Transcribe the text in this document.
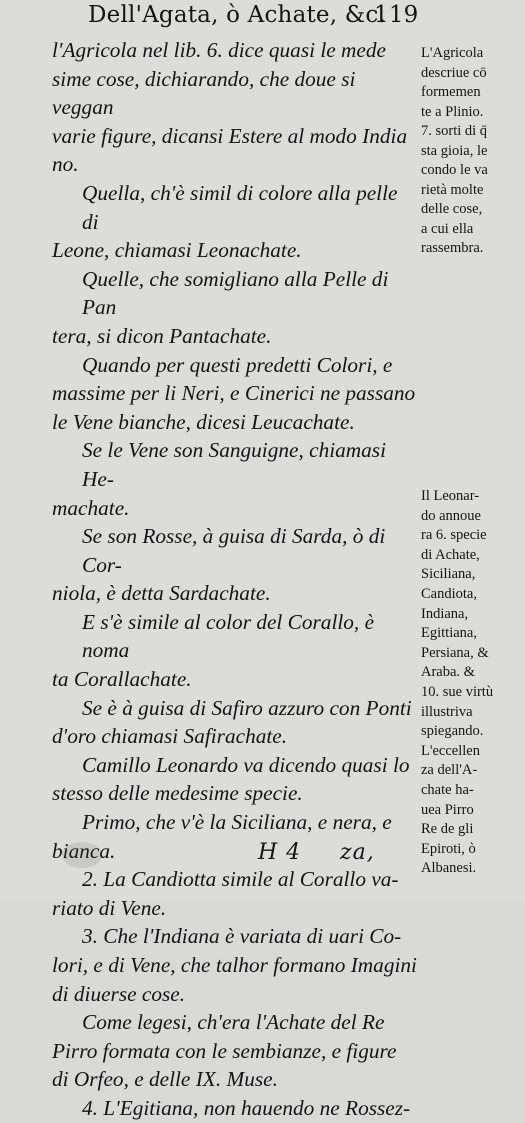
Dell'Agata, ò Achate, &c.
119

l'Agricola nel lib. 6. dice quasi le mede

sime cose, dichiarando, che doue si veggan

varie figure, dicansi Estere al modo India

no.

Quella, ch'è simil di colore alla pelle di

Leone, chiamasi Leonachate.

Quelle, che somigliano alla Pelle di Pan

tera, si dicon Pantachate.

Quando per questi predetti Colori, e

massime per li Neri, e Cinerici ne passano

le Vene bianche, dicesi Leucachate.

Se le Vene son Sanguigne, chiamasi He-

machate.

Se son Rosse, à guisa di Sarda, ò di Cor-

niola, è detta Sardachate.

E s'è simile al color del Corallo, è noma

ta Corallachate.

Se è à guisa di Safiro azzuro con Ponti

d'oro chiamasi Safirachate.

Camillo Leonardo va dicendo quasi lo

stesso delle medesime specie.

Primo, che v'è la Siciliana, e nera, e

bianca.

2. La Candiotta simile al Corallo va-

riato di Vene.

3. Che l'Indiana è variata di uari Co-

lori, e di Vene, che talhor formano Imagini

di diuerse cose.

Come legesi, ch'era l'Achate del Re

Pirro formata con le sembianze, e figure

di Orfeo, e delle IX. Muse.

4. L'Egitiana, non hauendo ne Rossez-

L'Agricola
descriue cō
formemen
te a Plinio.
7. sorti di q̄
sta gioia, le
condo le va
rietà molte
delle cose,
a cui ella
rassembra.
Il Leonar-
do annoue
ra 6. specie
di Achate,
Siciliana,
Candiota,
Indiana,
Egittiana,
Persiana, &
Araba. &
10. sue virtù
illustriva
spiegando.
L'eccellen
za dell'A-
chate ha-
uea Pirro
Re de gli
Epiroti, ò
Albanesi.
H 4 za,
